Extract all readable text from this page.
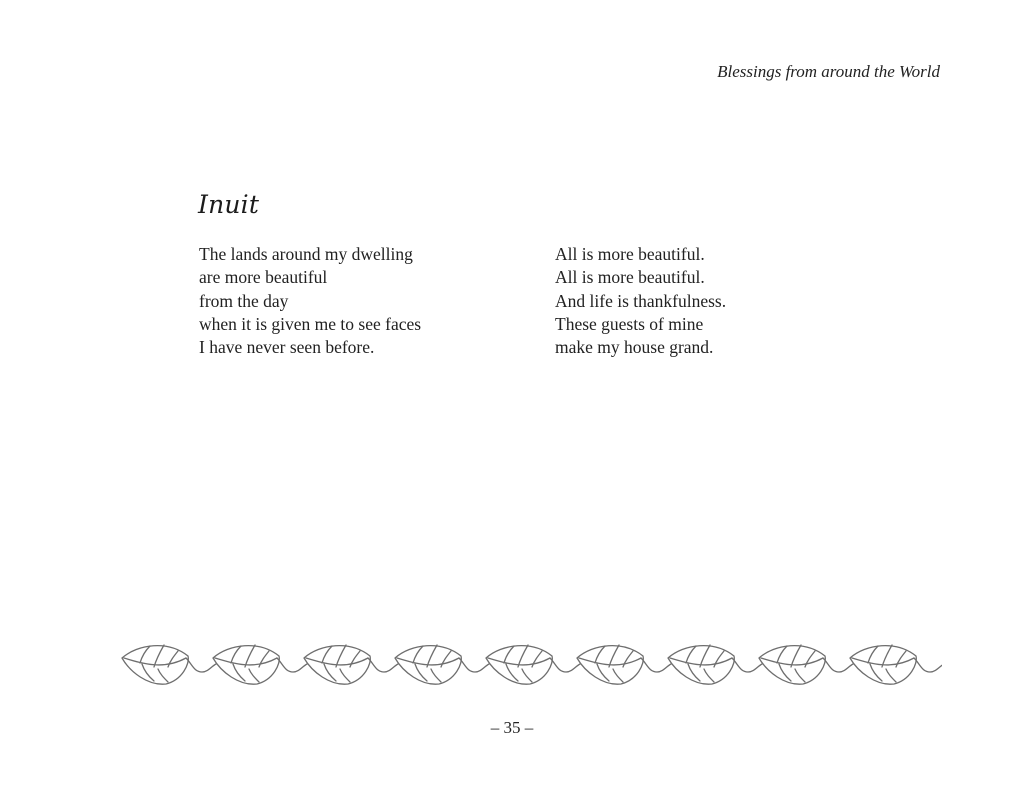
Blessings from around the World
Inuit
The lands around my dwelling
are more beautiful
from the day
when it is given me to see faces
I have never seen before.
All is more beautiful.
All is more beautiful.
And life is thankfulness.
These guests of mine
make my house grand.
– 35 –
